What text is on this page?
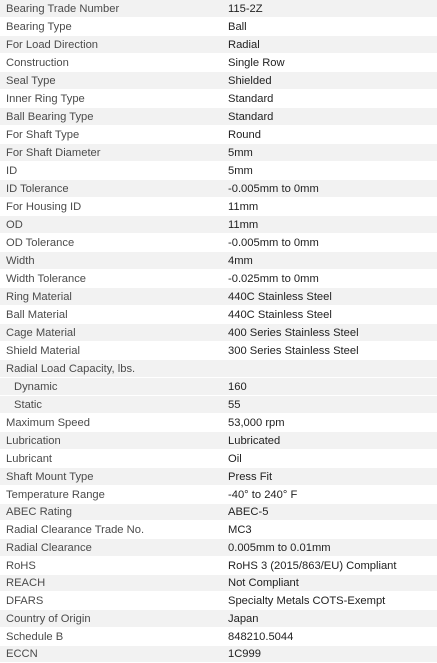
Bearing Trade Number	115-2Z
Bearing Type	Ball
For Load Direction	Radial
Construction	Single Row
Seal Type	Shielded
Inner Ring Type	Standard
Ball Bearing Type	Standard
For Shaft Type	Round
For Shaft Diameter	5mm
ID	5mm
ID Tolerance	-0.005mm to 0mm
For Housing ID	11mm
OD	11mm
OD Tolerance	-0.005mm to 0mm
Width	4mm
Width Tolerance	-0.025mm to 0mm
Ring Material	440C Stainless Steel
Ball Material	440C Stainless Steel
Cage Material	400 Series Stainless Steel
Shield Material	300 Series Stainless Steel
Radial Load Capacity, lbs.	
Dynamic	160
Static	55
Maximum Speed	53,000 rpm
Lubrication	Lubricated
Lubricant	Oil
Shaft Mount Type	Press Fit
Temperature Range	-40° to 240° F
ABEC Rating	ABEC-5
Radial Clearance Trade No.	MC3
Radial Clearance	0.005mm to 0.01mm
RoHS	RoHS 3 (2015/863/EU) Compliant
REACH	Not Compliant
DFARS	Specialty Metals COTS-Exempt
Country of Origin	Japan
Schedule B	848210.5044
ECCN	1C999
